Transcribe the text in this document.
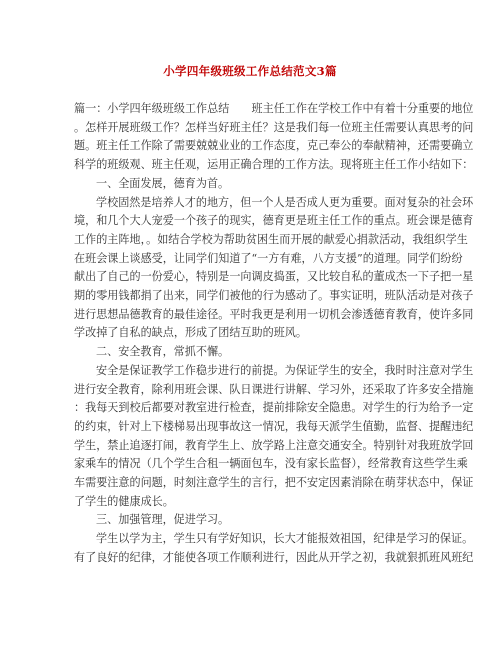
小学四年级班级工作总结范文3篇
篇一：小学四年级班级工作总结　　班主任工作在学校工作中有着十分重要的地位
。怎样开展班级工作？怎样当好班主任？这是我们每一位班主任需要认真思考的问
题。班主任工作除了需要兢兢业业的工作态度，克己奉公的奉献精神，还需要确立
科学的班级观、班主任观，运用正确合理的工作方法。现将班主任工作小结如下：
一、全面发展，德育为首。
学校固然是培养人才的地方，但一个人是否成人更为重要。面对复杂的社会环
境，和几个大人宠爱一个孩子的现实，德育更是班主任工作的重点。班会课是德育
工作的主阵地，。如结合学校为帮助贫困生而开展的献爱心捐款活动，我组织学生
在班会课上谈感受，让同学们知道了“一方有难，八方支援”的道理。同学们纷纷
献出了自己的一份爱心，特别是一向调皮捣蛋，又比较自私的董成杰一下子把一星
期的零用钱都捐了出来，同学们被他的行为感动了。事实证明，班队活动是对孩子
进行思想品德教育的最佳途径。平时我更是利用一切机会渗透德育教育，使许多同
学改掉了自私的缺点，形成了团结互助的班风。
二、安全教育，常抓不懈。
安全是保证教学工作稳步进行的前提。为保证学生的安全，我时时注意对学生
进行安全教育，除利用班会课、队日课进行讲解、学习外，还采取了许多安全措施
：我每天到校后都要对教室进行检查，提前排除安全隐患。对学生的行为给予一定
的约束，针对上下楼梯易出现事故这一情况，我每天派学生值勤，监督、提醒违纪
学生，禁止追逐打闹，教育学生上、放学路上注意交通安全。特别针对我班放学回
家乘车的情况（几个学生合租一辆面包车，没有家长监督），经常教育这些学生乘
车需要注意的问题，时刻注意学生的言行，把不安定因素消除在萌芽状态中，保证
了学生的健康成长。
三、加强管理，促进学习。
学生以学为主，学生只有学好知识，长大才能报效祖国，纪律是学习的保证。
有了良好的纪律，才能使各项工作顺利进行，因此从开学之初，我就狠抓班风班纪
